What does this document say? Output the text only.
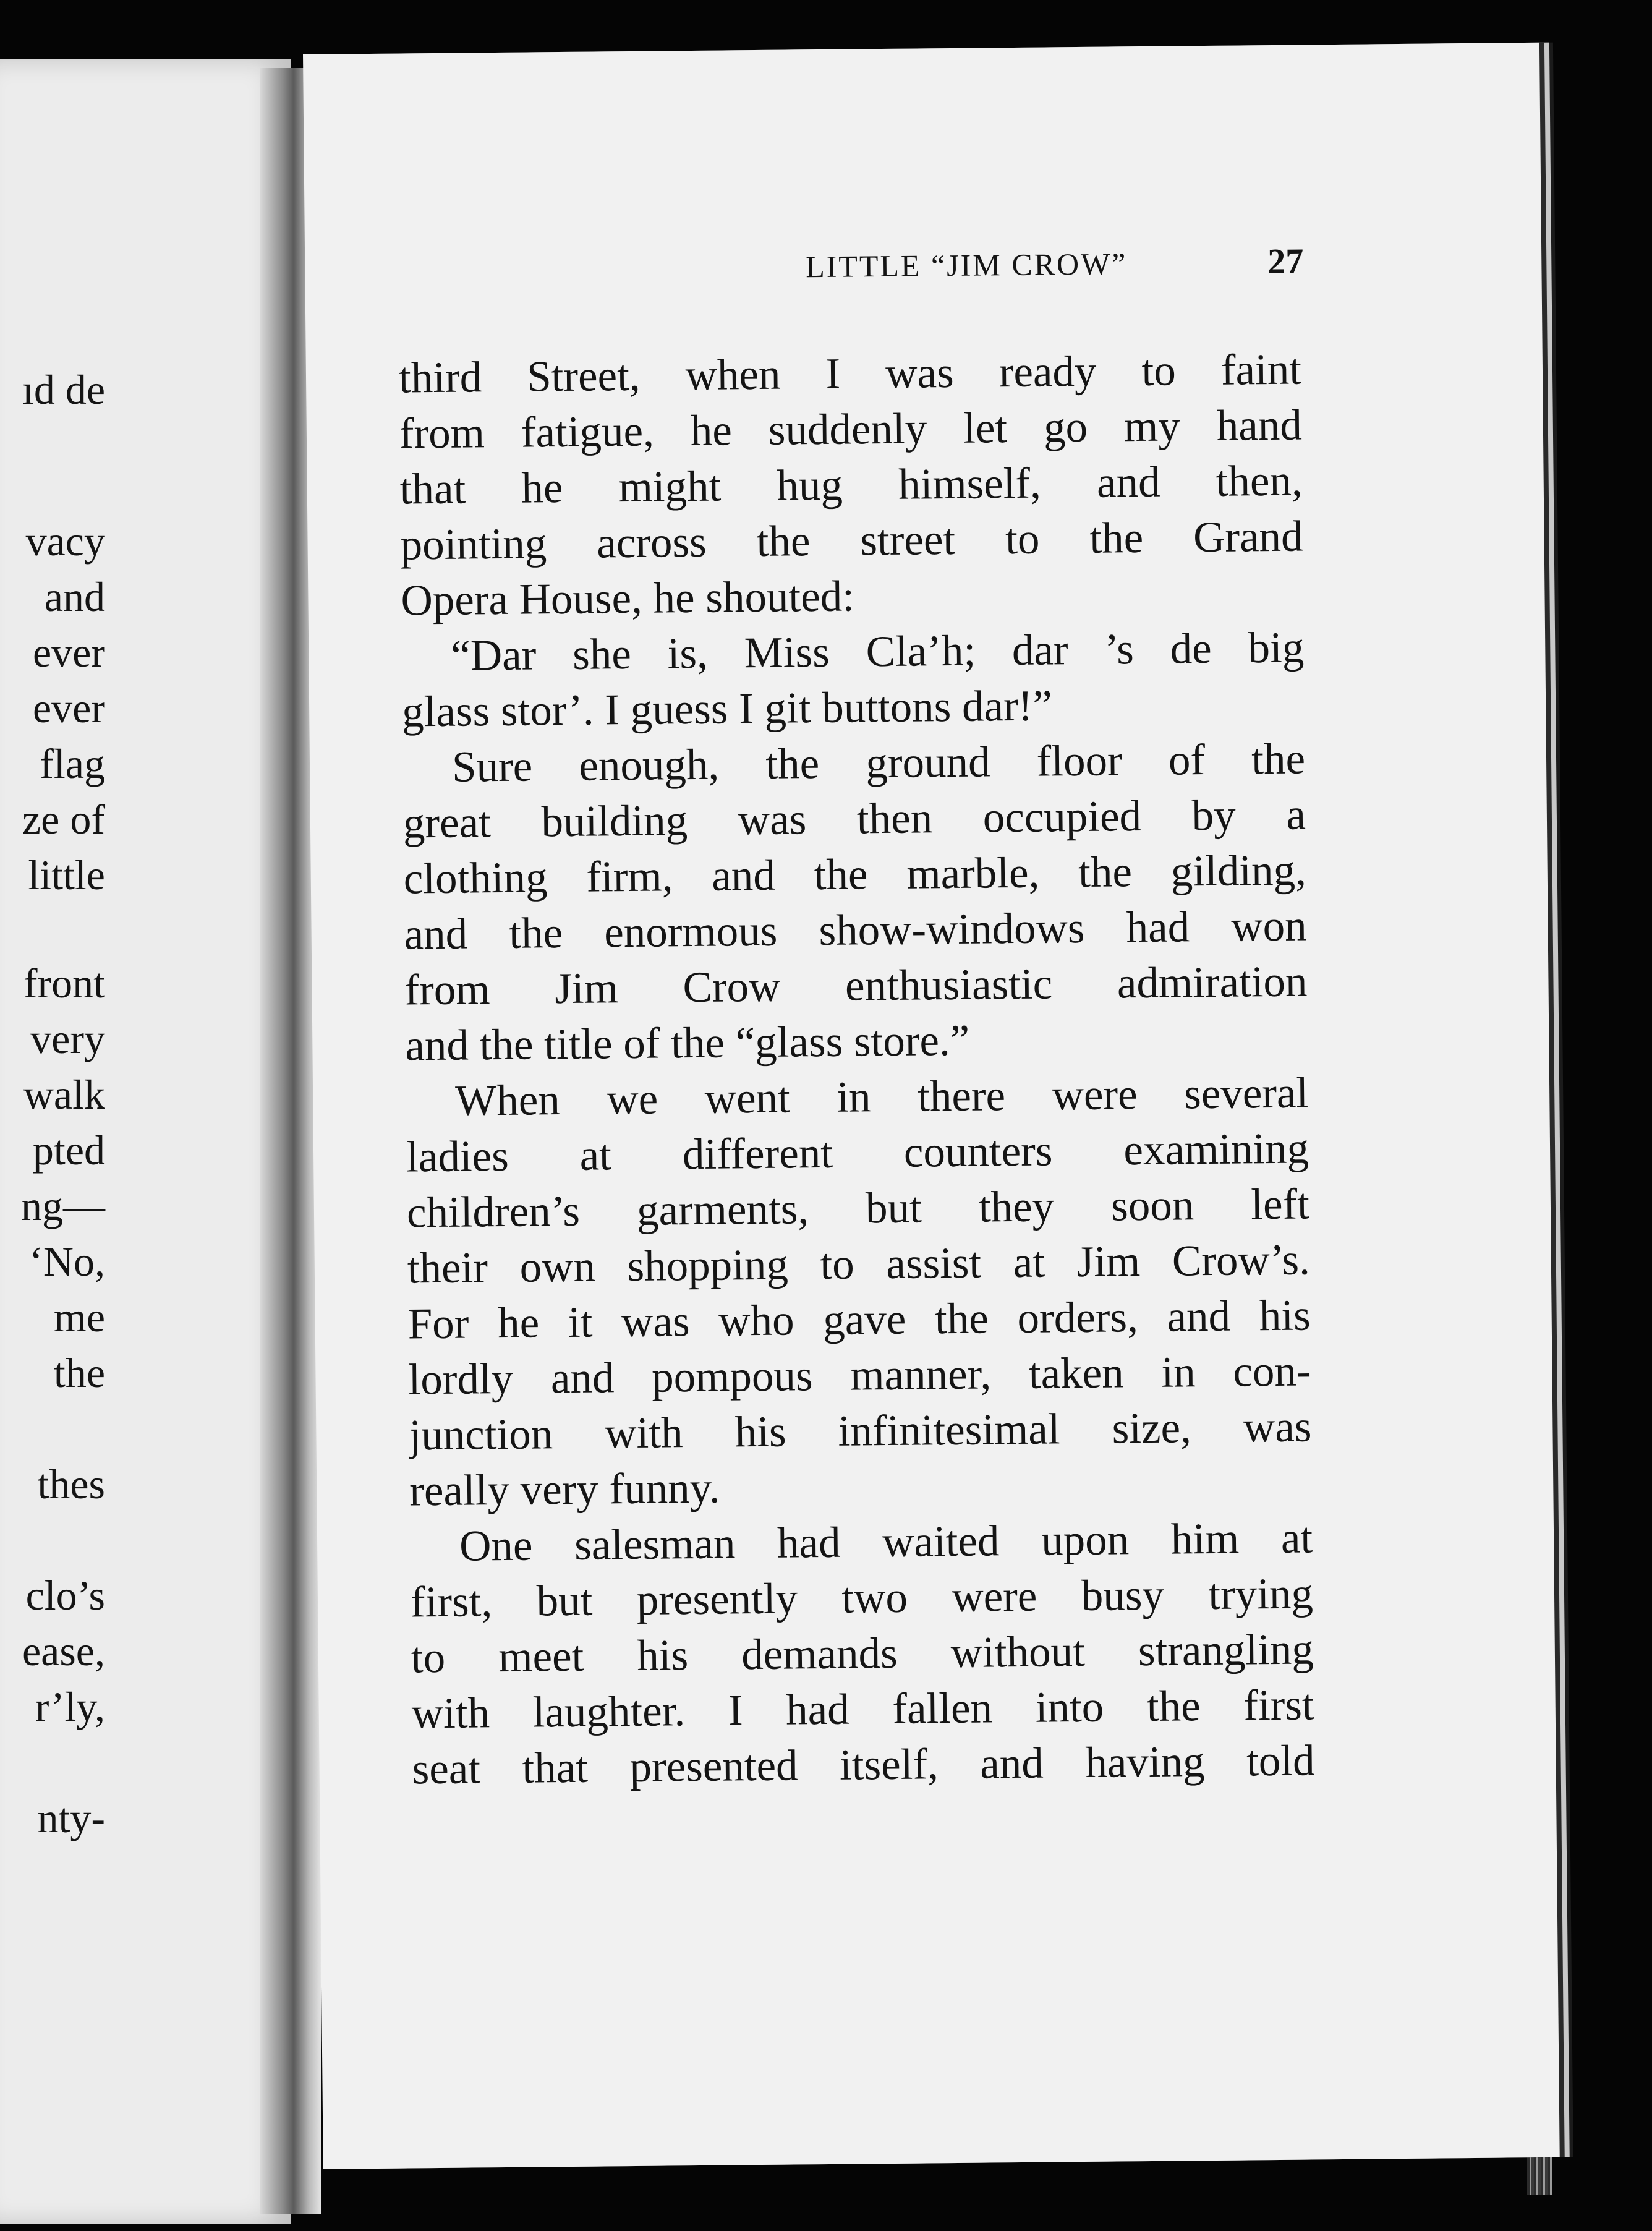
ıd de
vacy
and
ever
ever
flag
ze of
little
front
very
walk
pted
ng—
‘No,
me
the
thes
clo’s
ease,
r’ly,
nty-
LITTLE “JIM CROW”	27
third Street, when I was ready to faint
from fatigue, he suddenly let go my hand
that he might hug himself, and then,
pointing across the street to the Grand
Opera House, he shouted:
“Dar she is, Miss Cla’h; dar ’s de big
glass stor’. I guess I git buttons dar!”
Sure enough, the ground floor of the
great building was then occupied by a
clothing firm, and the marble, the gilding,
and the enormous show-windows had won
from Jim Crow enthusiastic admiration
and the title of the “glass store.”
When we went in there were several
ladies at different counters examining
children’s garments, but they soon left
their own shopping to assist at Jim Crow’s.
For he it was who gave the orders, and his
lordly and pompous manner, taken in con-
junction with his infinitesimal size, was
really very funny.
One salesman had waited upon him at
first, but presently two were busy trying
to meet his demands without strangling
with laughter. I had fallen into the first
seat that presented itself, and having told
